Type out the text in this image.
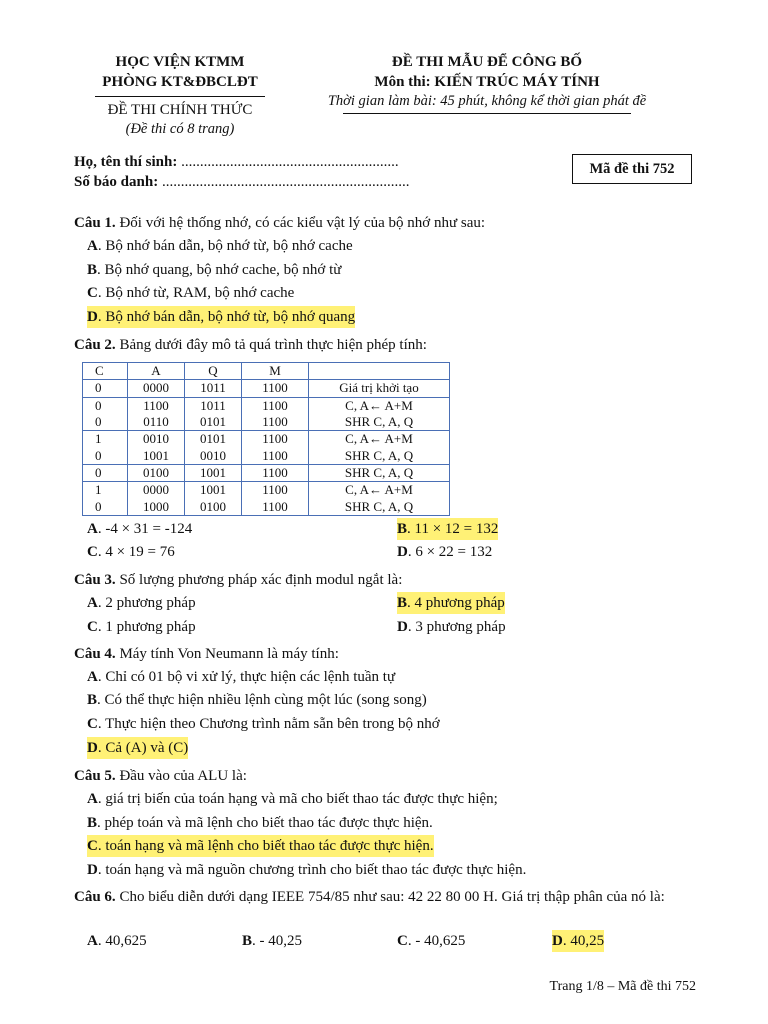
HỌC VIỆN KTMM
PHÒNG KT&ĐBCLĐT
ĐỀ THI CHÍNH THỨC
(Đề thi có 8 trang)
ĐỀ THI MẪU ĐỂ CÔNG BỐ
Môn thi: KIẾN TRÚC MÁY TÍNH
Thời gian làm bài: 45 phút, không kể thời gian phát đề
Họ, tên thí sinh: ..........................................................
Số báo danh: ..................................................................
Mã đề thi 752
Câu 1. Đối với hệ thống nhớ, có các kiểu vật lý của bộ nhớ như sau:
A. Bộ nhớ bán dẫn, bộ nhớ từ, bộ nhớ cache
B. Bộ nhớ quang, bộ nhớ cache, bộ nhớ từ
C. Bộ nhớ từ, RAM, bộ nhớ cache
D. Bộ nhớ bán dẫn, bộ nhớ từ, bộ nhớ quang
Câu 2. Bảng dưới đây mô tả quá trình thực hiện phép tính:
C	A	Q	M	
0	0000	1011	1100	Giá trị khởi tạo
0	1100	1011	1100	C, A← A+M
0	0110	0101	1100	SHR C, A, Q
1	0010	0101	1100	C, A← A+M
0	1001	0010	1100	SHR C, A, Q
0	0100	1001	1100	SHR C, A, Q
1	0000	1001	1100	C, A← A+M
0	1000	0100	1100	SHR C, A, Q
A. -4 × 31 = -124	B. 11 × 12 = 132
C. 4 × 19 = 76	D. 6 × 22 = 132
Câu 3. Số lượng phương pháp xác định modul ngắt là:
A. 2 phương pháp	B. 4 phương pháp
C. 1 phương pháp	D. 3 phương pháp
Câu 4. Máy tính Von Neumann là máy tính:
A. Chỉ có 01 bộ vi xử lý, thực hiện các lệnh tuần tự
B. Có thể thực hiện nhiều lệnh cùng một lúc (song song)
C. Thực hiện theo Chương trình nằm sẵn bên trong bộ nhớ
D. Cả (A) và (C)
Câu 5. Đầu vào của ALU là:
A. giá trị biến của toán hạng và mã cho biết thao tác được thực hiện;
B. phép toán và mã lệnh cho biết thao tác được thực hiện.
C. toán hạng và mã lệnh cho biết thao tác được thực hiện.
D. toán hạng và mã nguồn chương trình cho biết thao tác được thực hiện.
Câu 6. Cho biểu diễn dưới dạng IEEE 754/85 như sau: 42 22 80 00 H. Giá trị thập phân của nó là:
A. 40,625	B. - 40,25	C. - 40,625	D. 40,25
Trang 1/8 – Mã đề thi 752
